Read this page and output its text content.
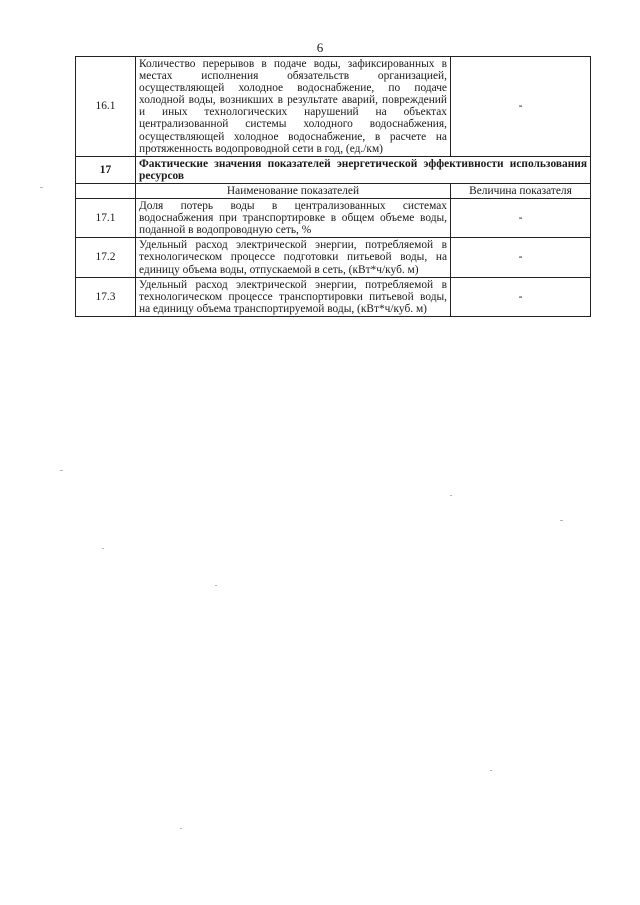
6
16.1	Количество перерывов в подаче воды, зафиксированных в местах исполнения обязательств организацией, осуществляющей холодное водоснабжение, по подаче холодной воды, возникших в результате аварий, повреждений и иных технологических нарушений на объектах централизованной системы холодного водоснабжения, осуществляющей холодное водоснабжение, в расчете на протяженность водопроводной сети в год, (ед./км)	-
17	Фактические значения показателей энергетической эффективности использования ресурсов	
	Наименование показателей	Величина показателя
17.1	Доля потерь воды в централизованных системах водоснабжения при транспортировке в общем объеме воды, поданной в водопроводную сеть, %	-
17.2	Удельный расход электрической энергии, потребляемой в технологическом процессе подготовки питьевой воды, на единицу объема воды, отпускаемой в сеть, (кВт*ч/куб. м)	-
17.3	Удельный расход электрической энергии, потребляемой в технологическом процессе транспортировки питьевой воды, на единицу объема транспортируемой воды, (кВт*ч/куб. м)	-
